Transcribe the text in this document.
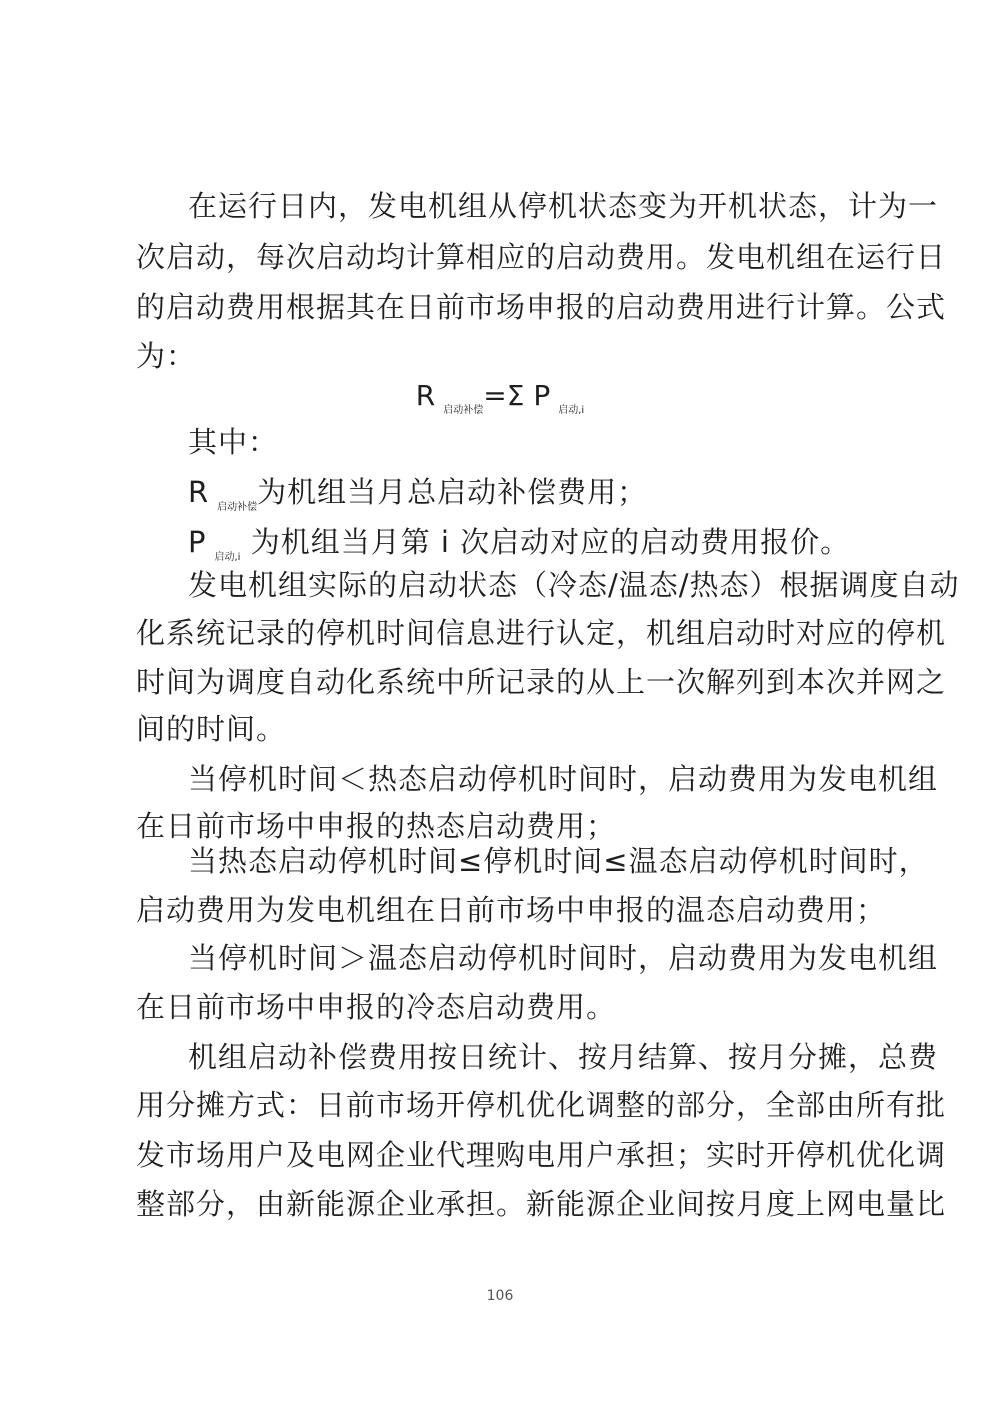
在运行日内，发电机组从停机状态变为开机状态，计为一
次启动，每次启动均计算相应的启动费用。发电机组在运行日
的启动费用根据其在日前市场申报的启动费用进行计算。公式
为：
R $_{启动补偿}$=Σ P $_{启动,i}$
其中：
R $_{启动补偿}$为机组当月总启动补偿费用；
P $_{启动,i}$ 为机组当月第 i 次启动对应的启动费用报价。
发电机组实际的启动状态（冷态/温态/热态）根据调度自动
化系统记录的停机时间信息进行认定，机组启动时对应的停机
时间为调度自动化系统中所记录的从上一次解列到本次并网之
间的时间。
当停机时间＜热态启动停机时间时，启动费用为发电机组
在日前市场中申报的热态启动费用；
当热态启动停机时间≤停机时间≤温态启动停机时间时，
启动费用为发电机组在日前市场中申报的温态启动费用；
当停机时间＞温态启动停机时间时，启动费用为发电机组
在日前市场中申报的冷态启动费用。
机组启动补偿费用按日统计、按月结算、按月分摊，总费
用分摊方式：日前市场开停机优化调整的部分，全部由所有批
发市场用户及电网企业代理购电用户承担；实时开停机优化调
整部分，由新能源企业承担。新能源企业间按月度上网电量比
106
